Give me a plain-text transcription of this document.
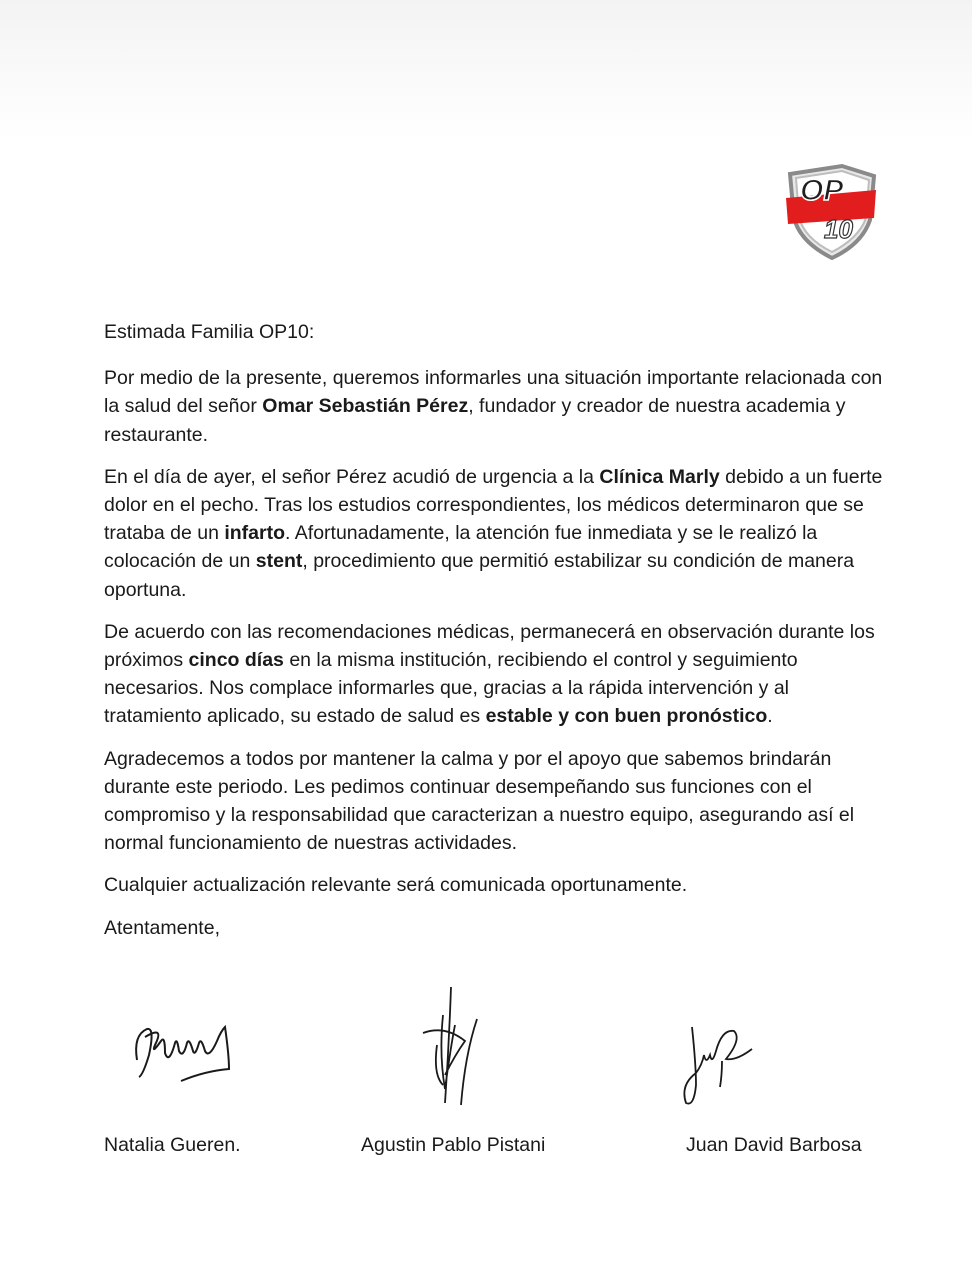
OP
10

Estimada Familia OP10:

Por medio de la presente, queremos informarles una situación importante relacionada con la salud del señor Omar Sebastián Pérez, fundador y creador de nuestra academia y restaurante.

En el día de ayer, el señor Pérez acudió de urgencia a la Clínica Marly debido a un fuerte dolor en el pecho. Tras los estudios correspondientes, los médicos determinaron que se trataba de un infarto. Afortunadamente, la atención fue inmediata y se le realizó la colocación de un stent, procedimiento que permitió estabilizar su condición de manera oportuna.

De acuerdo con las recomendaciones médicas, permanecerá en observación durante los próximos cinco días en la misma institución, recibiendo el control y seguimiento necesarios. Nos complace informarles que, gracias a la rápida intervención y al tratamiento aplicado, su estado de salud es estable y con buen pronóstico.

Agradecemos a todos por mantener la calma y por el apoyo que sabemos brindarán durante este periodo. Les pedimos continuar desempeñando sus funciones con el compromiso y la responsabilidad que caracterizan a nuestro equipo, asegurando así el normal funcionamiento de nuestras actividades.

Cualquier actualización relevante será comunicada oportunamente.

Atentamente,

Natalia Gueren.	Agustin Pablo Pistani	Juan David Barbosa
